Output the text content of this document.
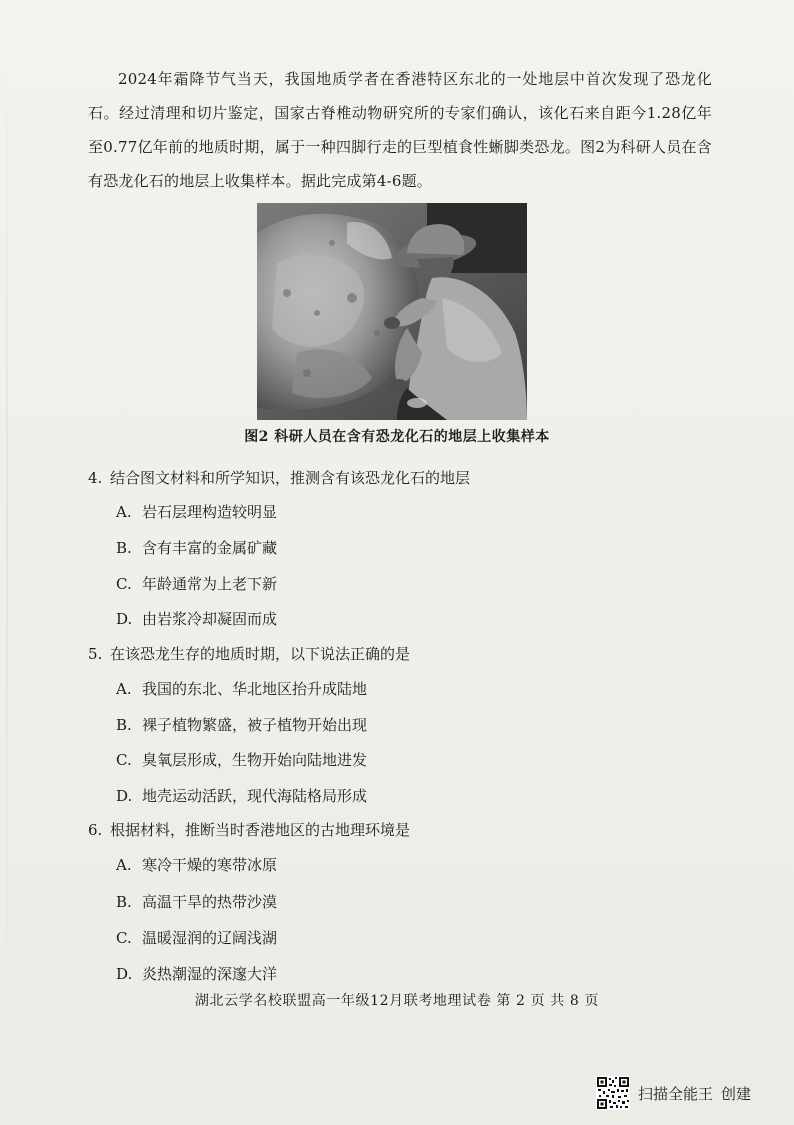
2024年霜降节气当天，我国地质学者在香港特区东北的一处地层中首次发现了恐龙化石。经过清理和切片鉴定，国家古脊椎动物研究所的专家们确认，该化石来自距今1.28亿年至0.77亿年前的地质时期，属于一种四脚行走的巨型植食性蜥脚类恐龙。图2为科研人员在含有恐龙化石的地层上收集样本。据此完成第4-6题。

图2 科研人员在含有恐龙化石的地层上收集样本
4. 结合图文材料和所学知识，推测含有该恐龙化石的地层
A. 岩石层理构造较明显
B. 含有丰富的金属矿藏
C. 年龄通常为上老下新
D. 由岩浆冷却凝固而成
5. 在该恐龙生存的地质时期，以下说法正确的是
A. 我国的东北、华北地区抬升成陆地
B. 裸子植物繁盛，被子植物开始出现
C. 臭氧层形成，生物开始向陆地进发
D. 地壳运动活跃，现代海陆格局形成
6. 根据材料，推断当时香港地区的古地理环境是
A. 寒冷干燥的寒带冰原
B. 高温干旱的热带沙漠
C. 温暖湿润的辽阔浅湖
D. 炎热潮湿的深邃大洋
湖北云学名校联盟高一年级12月联考地理试卷 第 2 页 共 8 页
扫描全能王 创建
